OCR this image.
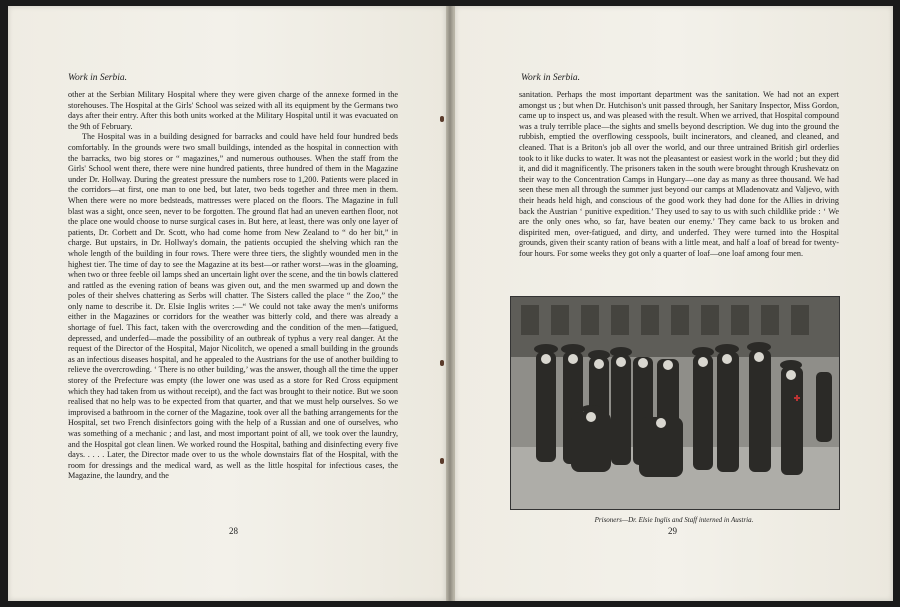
Work in Serbia.

other at the Serbian Military Hospital where they were given charge of the annexe formed in the storehouses. The Hospital at the Girls' School was seized with all its equipment by the Germans two days after their entry. After this both units worked at the Military Hospital until it was evacuated on the 9th of February.

The Hospital was in a building designed for barracks and could have held four hundred beds comfortably. In the grounds were two small buildings, intended as the hospital in connection with the barracks, two big stores or “ magazines,” and numerous outhouses. When the staff from the Girls' School went there, there were nine hundred patients, three hundred of them in the Magazine under Dr. Hollway. During the greatest pressure the numbers rose to 1,200. Patients were placed in the corridors—at first, one man to one bed, but later, two beds together and three men in them. When there were no more bedsteads, mattresses were placed on the floors. The Magazine in full blast was a sight, once seen, never to be forgotten. The ground flat had an uneven earthen floor, not the place one would choose to nurse surgical cases in. But here, at least, there was only one layer of patients, Dr. Corbett and Dr. Scott, who had come home from New Zealand to “ do her bit,” in charge. But upstairs, in Dr. Hollway's domain, the patients occupied the shelving which ran the whole length of the building in four rows. There were three tiers, the slightly wounded men in the highest tier. The time of day to see the Magazine at its best—or rather worst—was in the gloaming, when two or three feeble oil lamps shed an uncertain light over the scene, and the tin bowls clattered and rattled as the evening ration of beans was given out, and the men swarmed up and down the poles of their shelves chattering as Serbs will chatter. The Sisters called the place “ the Zoo,” the only name to describe it. Dr. Elsie Inglis writes :—“ We could not take away the men's uniforms either in the Magazines or corridors for the weather was bitterly cold, and there was already a shortage of fuel. This fact, taken with the overcrowding and the condition of the men—fatigued, depressed, and underfed—made the possibility of an outbreak of typhus a very real danger. At the request of the Director of the Hospital, Major Nicolitch, we opened a small building in the grounds as an infectious diseases hospital, and he appealed to the Austrians for the use of another building to relieve the overcrowding. ‘ There is no other building,’ was the answer, though all the time the upper storey of the Prefecture was empty (the lower one was used as a store for Red Cross equipment which they had taken from us without receipt), and the fact was brought to their notice. But we soon realised that no help was to be expected from that quarter, and that we must help ourselves. So we improvised a bathroom in the corner of the Magazine, took over all the bathing arrangements for the Hospital, set two French disinfectors going with the help of a Russian and one of ourselves, who was something of a mechanic ; and last, and most important point of all, we took over the laundry, and the Hospital got clean linen. We worked round the Hospital, bathing and disinfecting every five days. . . . . Later, the Director made over to us the whole downstairs flat of the Hospital, with the room for dressings and the medical ward, as well as the little hospital for infectious cases, the Magazine, the laundry, and the

28
Work in Serbia.

sanitation. Perhaps the most important department was the sanitation. We had not an expert amongst us ; but when Dr. Hutchison's unit passed through, her Sanitary Inspector, Miss Gordon, came up to inspect us, and was pleased with the result. When we arrived, that Hospital compound was a truly terrible place—the sights and smells beyond description. We dug into the ground the rubbish, emptied the overflowing cesspools, built incinerators, and cleaned, and cleaned, and cleaned. That is a Briton's job all over the world, and our three untrained British girl orderlies took to it like ducks to water. It was not the pleasantest or easiest work in the world ; but they did it, and did it magnificently. The prisoners taken in the south were brought through Krushevatz on their way to the Concentration Camps in Hungary—one day as many as three thousand. We had seen these men all through the summer just beyond our camps at Mladenovatz and Valjevo, with their heads held high, and conscious of the good work they had done for the Allies in driving back the Austrian ‘ punitive expedition.’ They used to say to us with such childlike pride : ‘ We are the only ones who, so far, have beaten our enemy.’ They came back to us broken and dispirited men, over-fatigued, and dirty, and underfed. They were turned into the Hospital grounds, given their scanty ration of beans with a little meat, and half a loaf of bread for twenty-four hours. For some weeks they got only a quarter of loaf—one loaf among four men.

Prisoners—Dr. Elsie Inglis and Staff interned in Austria.
29
